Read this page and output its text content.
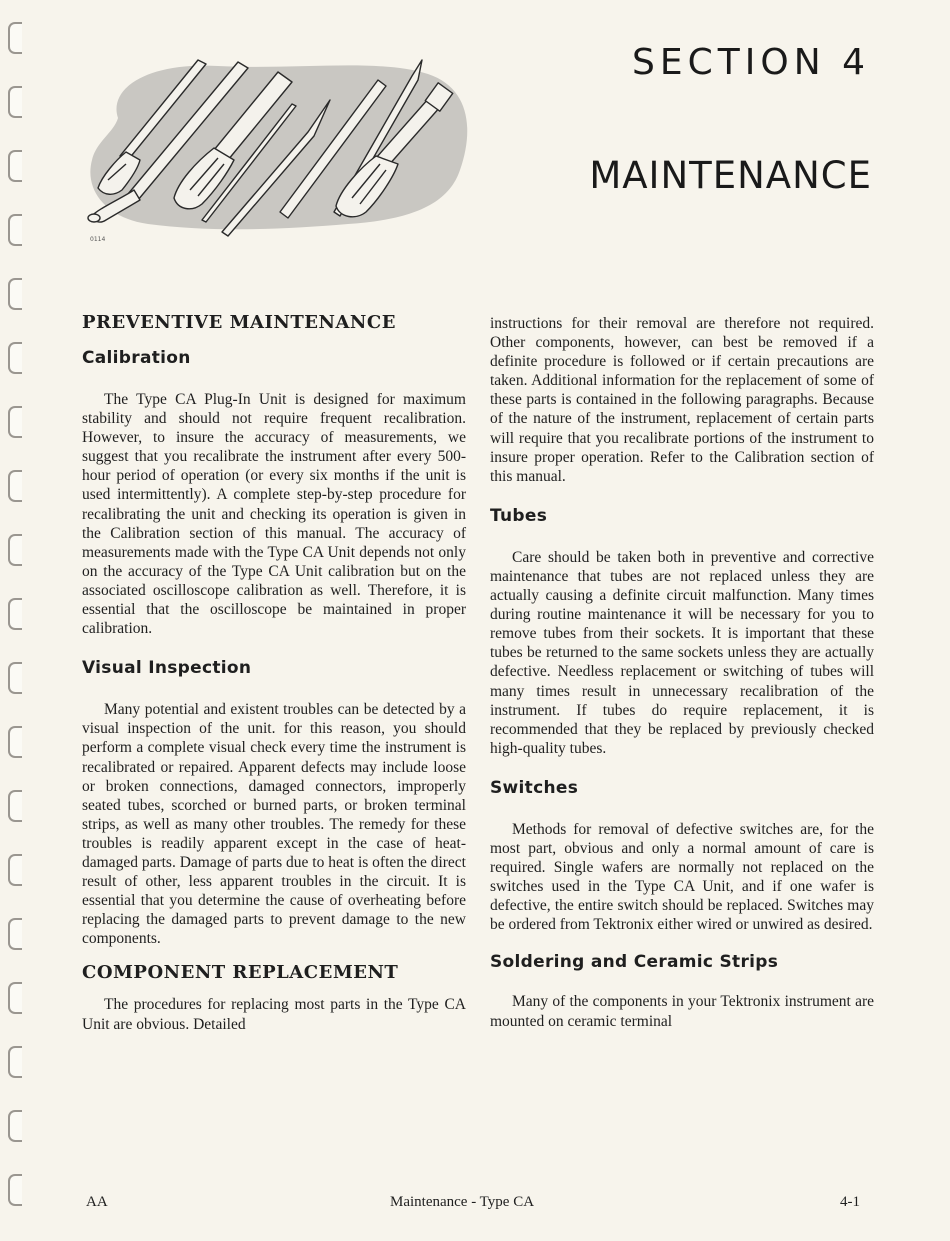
0114
SECTION 4
MAINTENANCE
PREVENTIVE MAINTENANCE
Calibration

The Type CA Plug-In Unit is designed for maximum stability and should not require frequent recalibration. However, to insure the accuracy of measurements, we suggest that you recalibrate the instrument after every 500-hour period of operation (or every six months if the unit is used intermittently). A complete step-by-step procedure for recalibrating the unit and checking its operation is given in the Calibration section of this manual. The accuracy of measurements made with the Type CA Unit depends not only on the accuracy of the Type CA Unit calibration but on the associated oscilloscope calibration as well. Therefore, it is essential that the oscilloscope be maintained in proper calibration.

Visual Inspection

Many potential and existent troubles can be detected by a visual inspection of the unit. for this reason, you should perform a complete visual check every time the instrument is recalibrated or repaired. Apparent defects may include loose or broken connections, damaged connectors, improperly seated tubes, scorched or burned parts, or broken terminal strips, as well as many other troubles. The remedy for these troubles is readily apparent except in the case of heat-damaged parts. Damage of parts due to heat is often the direct result of other, less apparent troubles in the circuit. It is essential that you determine the cause of overheating before replacing the damaged parts to prevent damage to the new components.

COMPONENT REPLACEMENT

The procedures for replacing most parts in the Type CA Unit are obvious. Detailed

instructions for their removal are therefore not required. Other components, however, can best be removed if a definite procedure is followed or if certain precautions are taken. Additional information for the replacement of some of these parts is contained in the following paragraphs. Because of the nature of the instrument, replacement of certain parts will require that you recalibrate portions of the instrument to insure proper operation. Refer to the Calibration section of this manual.

Tubes

Care should be taken both in preventive and corrective maintenance that tubes are not replaced unless they are actually causing a definite circuit malfunction. Many times during routine maintenance it will be necessary for you to remove tubes from their sockets. It is important that these tubes be returned to the same sockets unless they are actually defective. Needless replacement or switching of tubes will many times result in unnecessary recalibration of the instrument. If tubes do require replacement, it is recommended that they be replaced by previously checked high-quality tubes.

Switches

Methods for removal of defective switches are, for the most part, obvious and only a normal amount of care is required. Single wafers are normally not replaced on the switches used in the Type CA Unit, and if one wafer is defective, the entire switch should be replaced. Switches may be ordered from Tektronix either wired or unwired as desired.

Soldering and Ceramic Strips

Many of the components in your Tektronix instrument are mounted on ceramic terminal

AA	Maintenance - Type CA	4-1
